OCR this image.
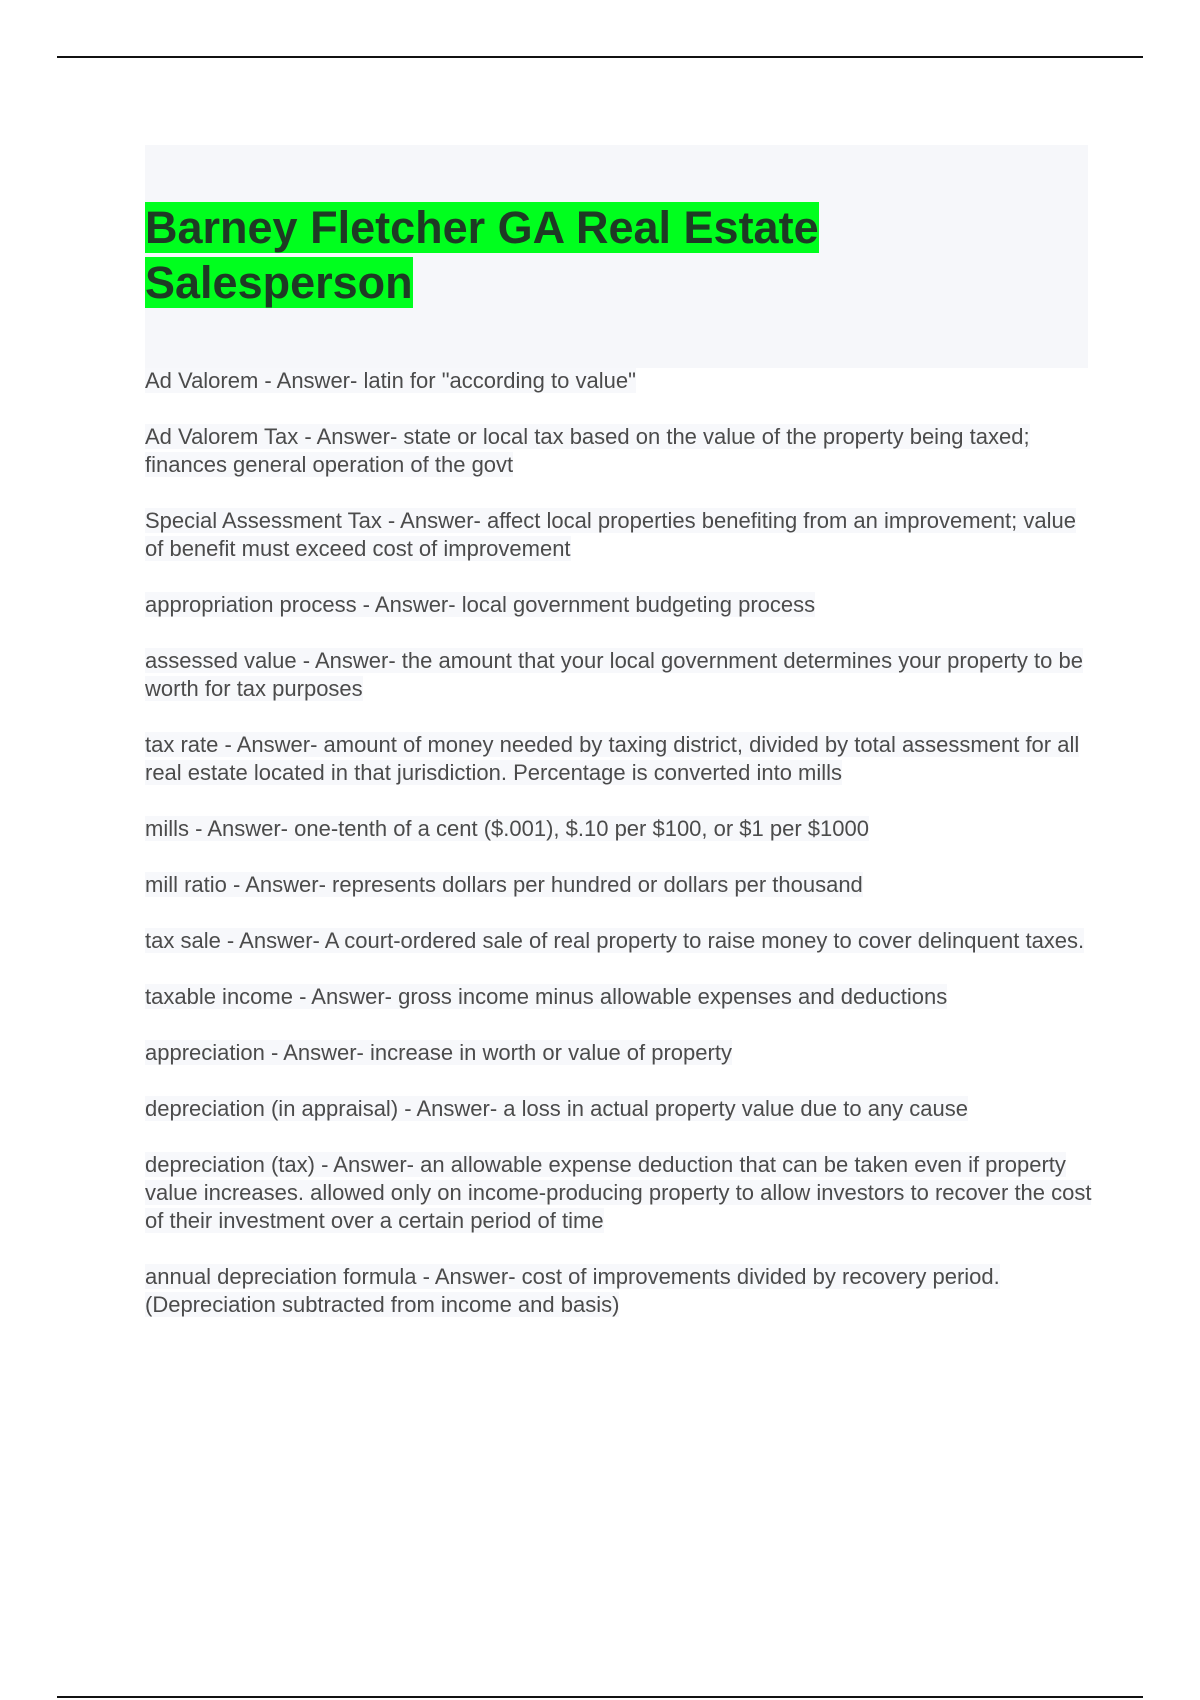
Barney Fletcher GA Real Estate Salesperson

Ad Valorem - Answer- latin for "according to value"

Ad Valorem Tax - Answer- state or local tax based on the value of the property being taxed; finances general operation of the govt

Special Assessment Tax - Answer- affect local properties benefiting from an improvement; value of benefit must exceed cost of improvement

appropriation process - Answer- local government budgeting process

assessed value - Answer- the amount that your local government determines your property to be worth for tax purposes

tax rate - Answer- amount of money needed by taxing district, divided by total assessment for all real estate located in that jurisdiction. Percentage is converted into mills

mills - Answer- one-tenth of a cent ($.001), $.10 per $100, or $1 per $1000

mill ratio - Answer- represents dollars per hundred or dollars per thousand

tax sale - Answer- A court-ordered sale of real property to raise money to cover delinquent taxes.

taxable income - Answer- gross income minus allowable expenses and deductions

appreciation - Answer- increase in worth or value of property

depreciation (in appraisal) - Answer- a loss in actual property value due to any cause

depreciation (tax) - Answer- an allowable expense deduction that can be taken even if property value increases. allowed only on income-producing property to allow investors to recover the cost of their investment over a certain period of time

annual depreciation formula - Answer- cost of improvements divided by recovery period. (Depreciation subtracted from income and basis)
